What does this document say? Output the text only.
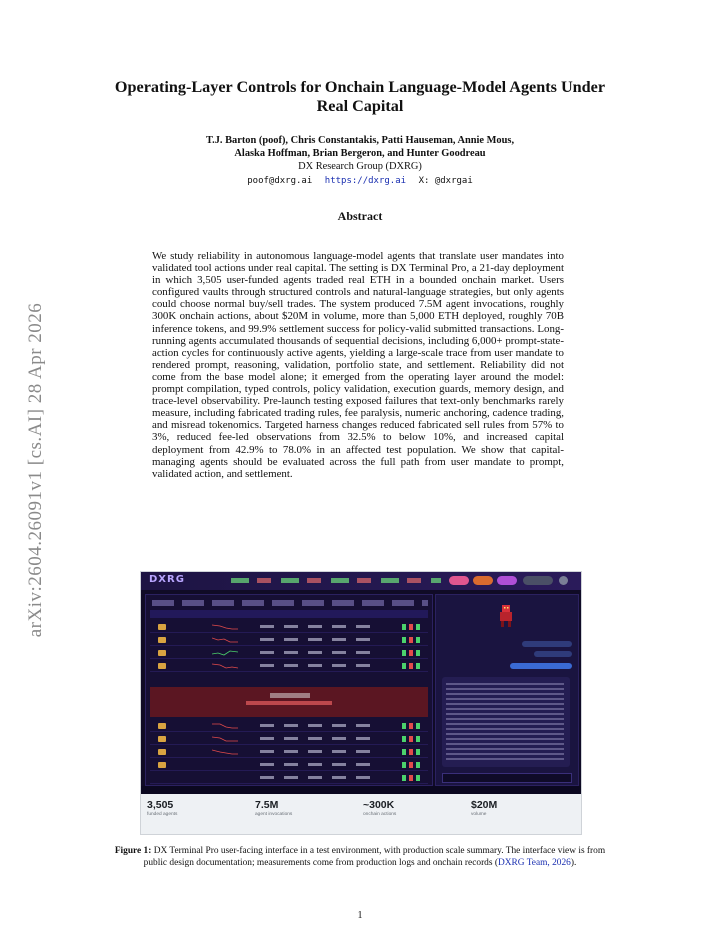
arXiv:2604.26091v1 [cs.AI] 28 Apr 2026
Operating-Layer Controls for Onchain Language-Model Agents Under Real Capital
T.J. Barton (poof), Chris Constantakis, Patti Hauseman, Annie Mous,
Alaska Hoffman, Brian Bergeron, and Hunter Goodreau
DX Research Group (DXRG)
poof@dxrg.ai https://dxrg.ai X: @dxrgai
Abstract
We study reliability in autonomous language-model agents that translate user mandates into validated tool actions under real capital. The setting is DX Terminal Pro, a 21-day deployment in which 3,505 user-funded agents traded real ETH in a bounded onchain market. Users configured vaults through structured controls and natural-language strategies, but only agents could choose normal buy/sell trades. The system produced 7.5M agent invocations, roughly 300K onchain actions, about $20M in volume, more than 5,000 ETH deployed, roughly 70B inference tokens, and 99.9% settlement success for policy-valid submitted transactions. Long-running agents accumulated thousands of sequential decisions, including 6,000+ prompt-state-action cycles for continuously active agents, yielding a large-scale trace from user mandate to rendered prompt, reasoning, validation, portfolio state, and settlement. Reliability did not come from the base model alone; it emerged from the operating layer around the model: prompt compilation, typed controls, policy validation, execution guards, memory design, and trace-level observability. Pre-launch testing exposed failures that text-only benchmarks rarely measure, including fabricated trading rules, fee paralysis, numeric anchoring, cadence trading, and misread tokenomics. Targeted harness changes reduced fabricated sell rules from 57% to 3%, reduced fee-led observations from 32.5% to below 10%, and increased capital deployment from 42.9% to 78.0% in an affected test population. We show that capital-managing agents should be evaluated across the full path from user mandate to prompt, validated action, and settlement.
DXRG
3,505
funded agents
7.5M
agent invocations
~300K
onchain actions
$20M
volume
Figure 1: DX Terminal Pro user-facing interface in a test environment, with production scale summary. The interface view is from public design documentation; measurements come from production logs and onchain records (DXRG Team, 2026).
1
